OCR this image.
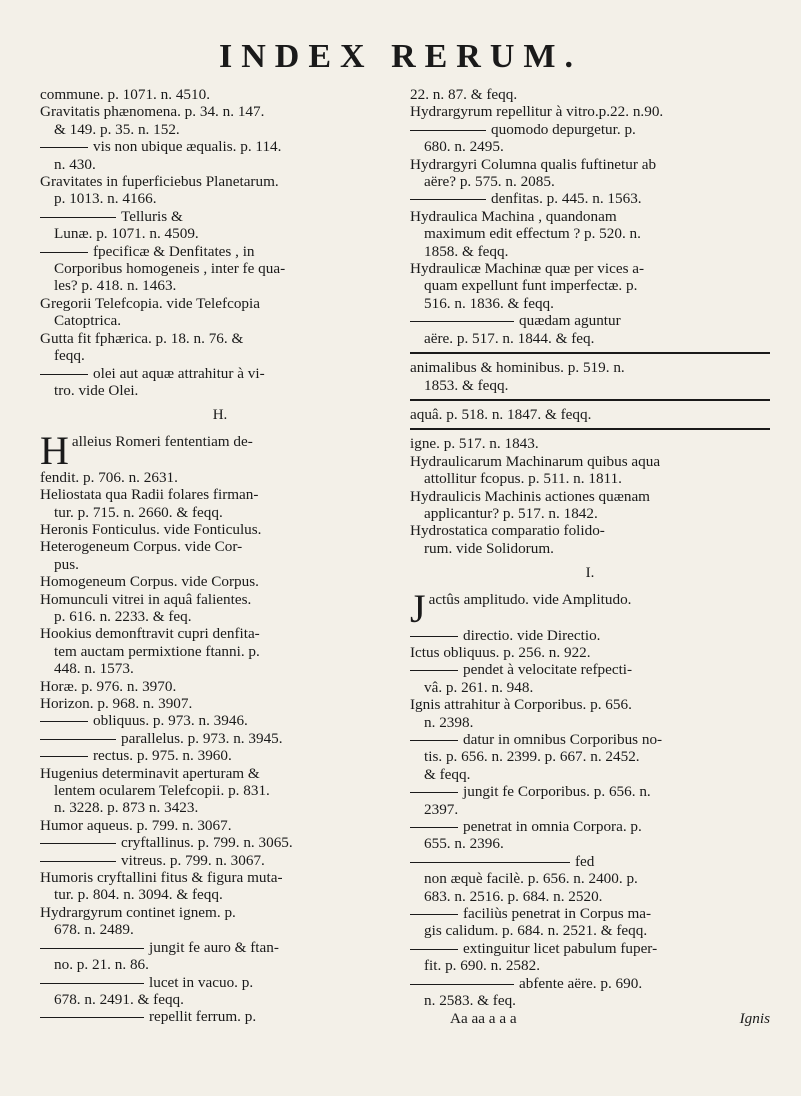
INDEX RERUM.
commune. p. 1071. n. 4510.
Gravitatis phænomena. p. 34. n. 147.
& 149. p. 35. n. 152.
vis non ubique æqualis. p. 114.
n. 430.
Gravitates in fuperficiebus Planetarum.
p. 1013. n. 4166.
Telluris &
Lunæ. p. 1071. n. 4509.
fpecificæ & Denfitates , in
Corporibus homogeneis , inter fe qua-
les? p. 418. n. 1463.
Gregorii Telefcopia. vide Telefcopia
Catoptrica.
Gutta fit fphærica. p. 18. n. 76. &
feqq.
olei aut aquæ attrahitur à vi-
tro. vide Olei.
H.
Halleius Romeri fententiam de-
fendit. p. 706. n. 2631.
Heliostata qua Radii folares firman-
tur. p. 715. n. 2660. & feqq.
Heronis Fonticulus. vide Fonticulus.
Heterogeneum Corpus. vide Cor-
pus.
Homogeneum Corpus. vide Corpus.
Homunculi vitrei in aquâ falientes.
p. 616. n. 2233. & feq.
Hookius demonftravit cupri denfita-
tem auctam permixtione ftanni. p.
448. n. 1573.
Horæ. p. 976. n. 3970.
Horizon. p. 968. n. 3907.
obliquus. p. 973. n. 3946.
parallelus. p. 973. n. 3945.
rectus. p. 975. n. 3960.
Hugenius determinavit aperturam &
lentem ocularem Telefcopii. p. 831.
n. 3228. p. 873 n. 3423.
Humor aqueus. p. 799. n. 3067.
cryftallinus. p. 799. n. 3065.
vitreus. p. 799. n. 3067.
Humoris cryftallini fitus & figura muta-
tur. p. 804. n. 3094. & feqq.
Hydrargyrum continet ignem. p.
678. n. 2489.
jungit fe auro & ftan-
no. p. 21. n. 86.
lucet in vacuo. p.
678. n. 2491. & feqq.
repellit ferrum. p.
22. n. 87. & feqq.
Hydrargyrum repellitur à vitro.p.22. n.90.
quomodo depurgetur. p.
680. n. 2495.
Hydrargyri Columna qualis fuftinetur ab
aëre? p. 575. n. 2085.
denfitas. p. 445. n. 1563.
Hydraulica Machina , quandonam
maximum edit effectum ? p. 520. n.
1858. & feqq.
Hydraulicæ Machinæ quæ per vices a-
quam expellunt funt imperfectæ. p.
516. n. 1836. & feqq.
quædam aguntur
aëre. p. 517. n. 1844. & feq.
animalibus & hominibus. p. 519. n.
1853. & feqq.
aquâ. p. 518. n. 1847. & feqq.
igne. p. 517. n. 1843.
Hydraulicarum Machinarum quibus aqua
attollitur fcopus. p. 511. n. 1811.
Hydraulicis Machinis actiones quænam
applicantur? p. 517. n. 1842.
Hydrostatica comparatio folido-
rum. vide Solidorum.
I.
Jactûs amplitudo. vide Amplitudo.
directio. vide Directio.
Ictus obliquus. p. 256. n. 922.
pendet à velocitate refpecti-
vâ. p. 261. n. 948.
Ignis attrahitur à Corporibus. p. 656.
n. 2398.
datur in omnibus Corporibus no-
tis. p. 656. n. 2399. p. 667. n. 2452.
& feqq.
jungit fe Corporibus. p. 656. n.
2397.
penetrat in omnia Corpora. p.
655. n. 2396.
fed
non æquè facilè. p. 656. n. 2400. p.
683. n. 2516. p. 684. n. 2520.
faciliùs penetrat in Corpus ma-
gis calidum. p. 684. n. 2521. & feqq.
extinguitur licet pabulum fuper-
fit. p. 690. n. 2582.
abfente aëre. p. 690.
n. 2583. & feq.
Aa aa a a a	Ignis
